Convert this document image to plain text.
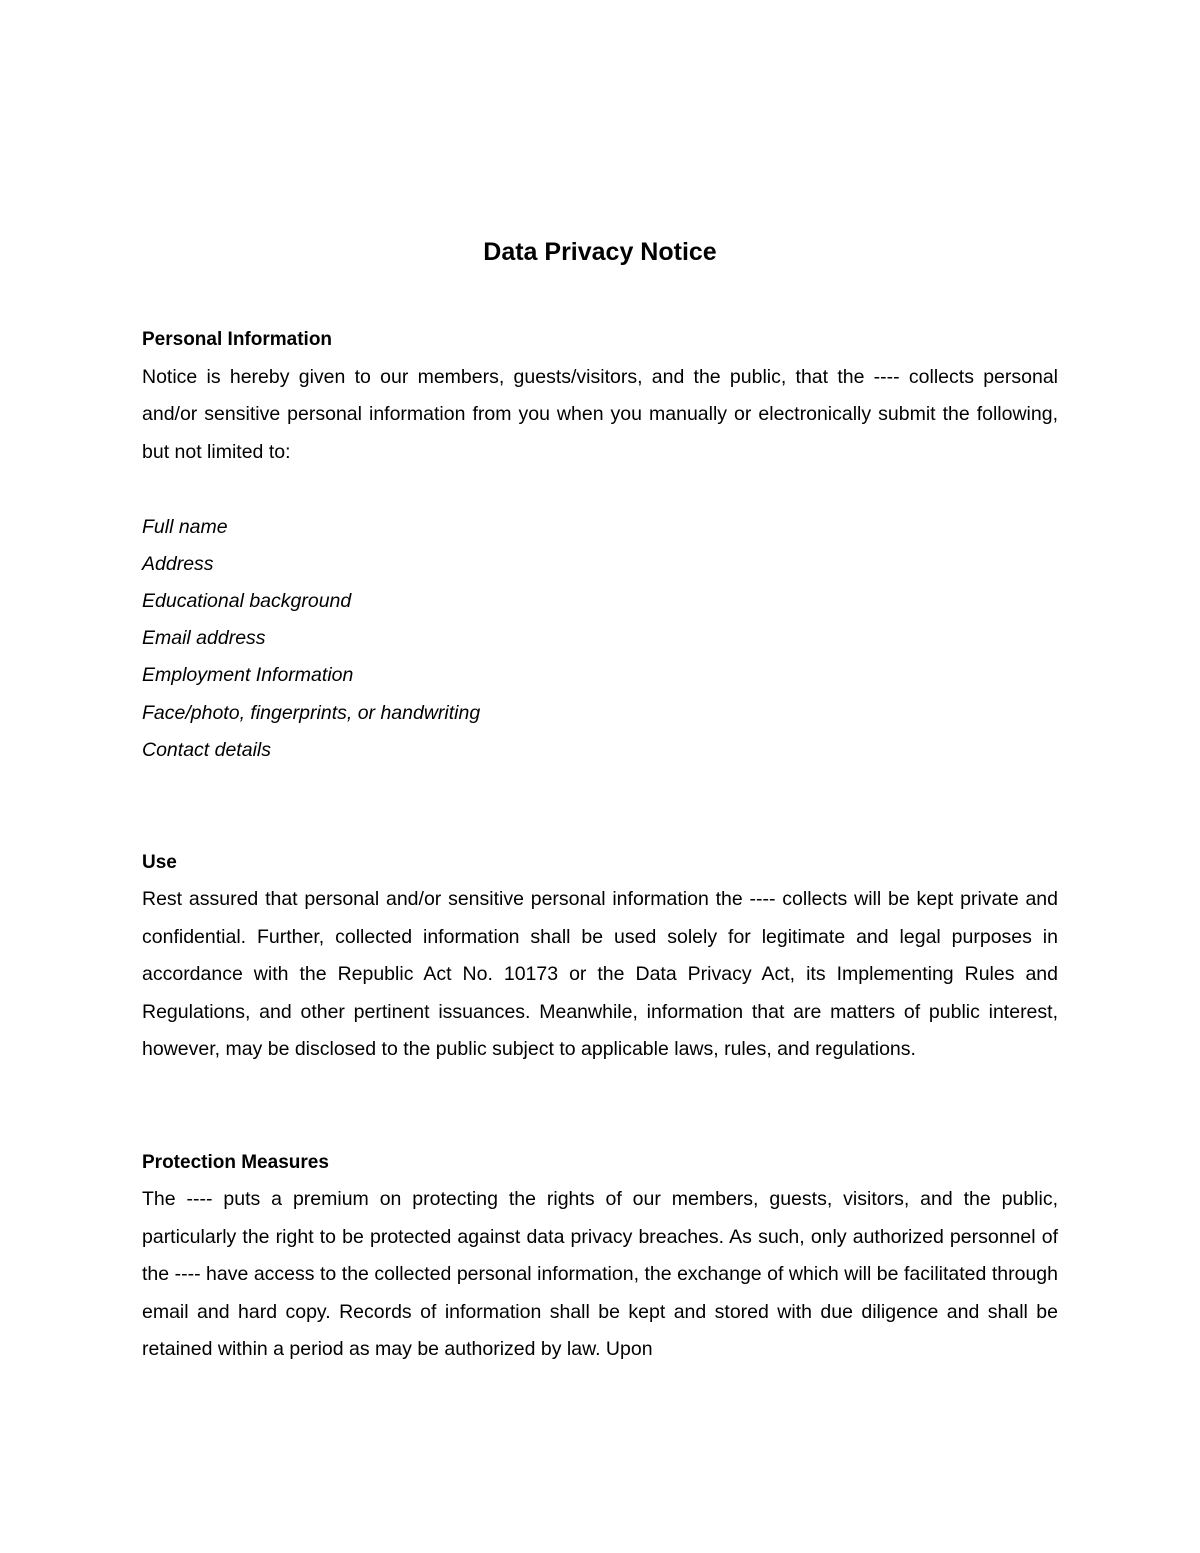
Data Privacy Notice
Personal Information

Notice is hereby given to our members, guests/visitors, and the public, that the ---- collects personal and/or sensitive personal information from you when you manually or electronically submit the following, but not limited to:

Full name
Address
Educational background
Email address
Employment Information
Face/photo, fingerprints, or handwriting
Contact details
Use

Rest assured that personal and/or sensitive personal information the ---- collects will be kept private and confidential. Further, collected information shall be used solely for legitimate and legal purposes in accordance with the Republic Act No. 10173 or the Data Privacy Act, its Implementing Rules and Regulations, and other pertinent issuances. Meanwhile, information that are matters of public interest, however, may be disclosed to the public subject to applicable laws, rules, and regulations.

Protection Measures

The ---- puts a premium on protecting the rights of our members, guests, visitors, and the public, particularly the right to be protected against data privacy breaches. As such, only authorized personnel of the ---- have access to the collected personal information, the exchange of which will be facilitated through email and hard copy. Records of information shall be kept and stored with due diligence and shall be retained within a period as may be authorized by law. Upon
